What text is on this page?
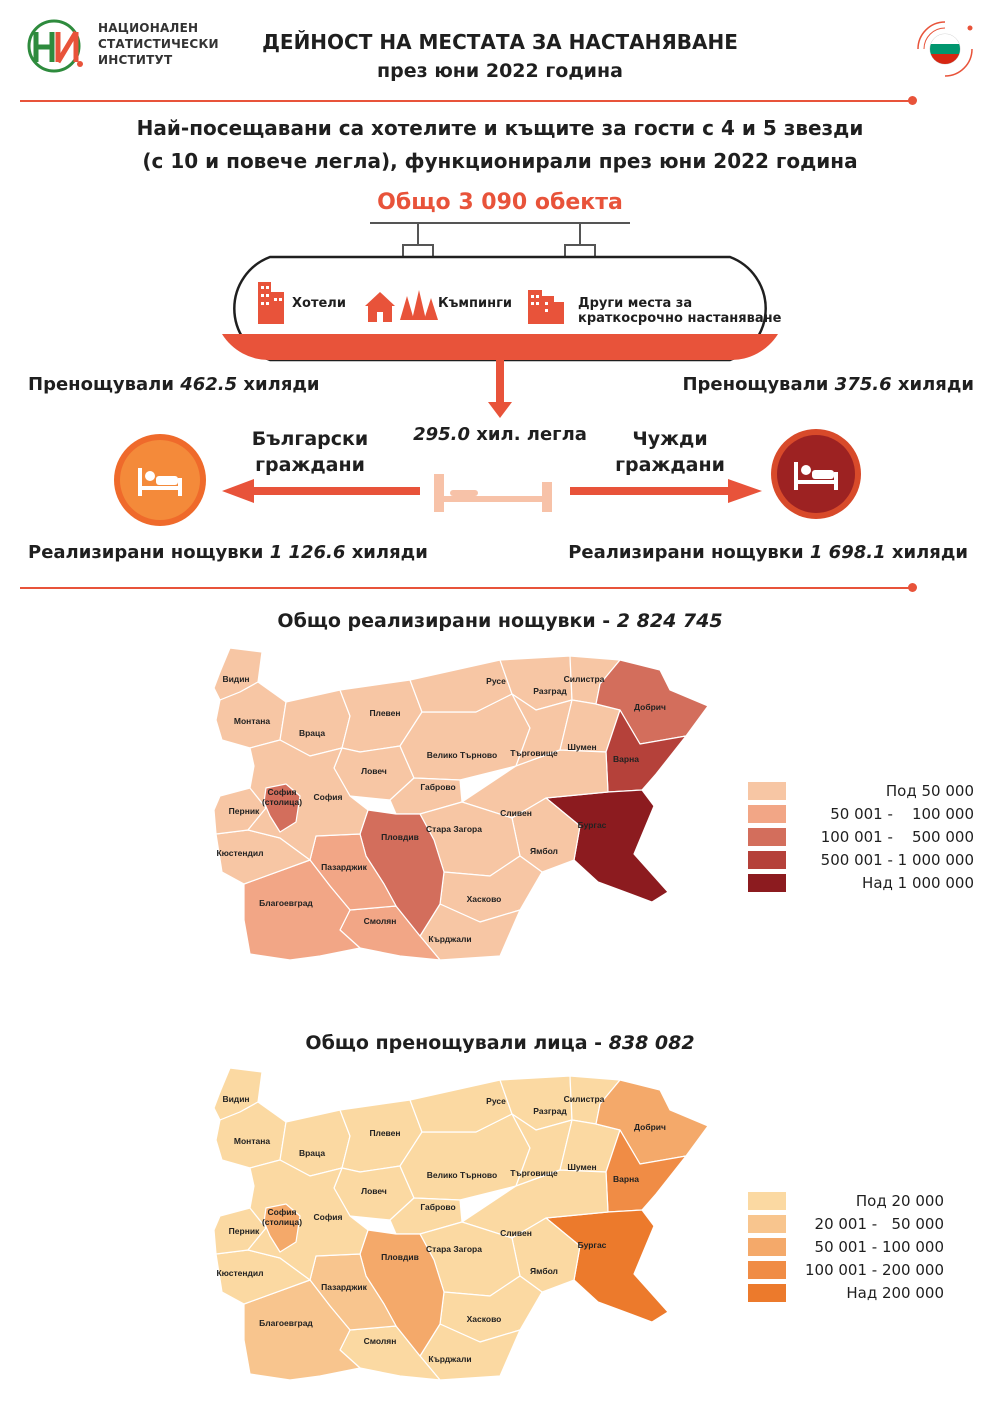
НАЦИОНАЛЕН
СТАТИСТИЧЕСКИ
ИНСТИТУТ
ДЕЙНОСТ НА МЕСТАТА ЗА НАСТАНЯВАНЕ
през юни 2022 година
Най-посещавани са хотелите и къщите за гости с 4 и 5 звезди
(с 10 и повече легла), функционирали през юни 2022 година
Общо 3 090 обекта
Хотели	Къмпинги	Други места за
краткосрочно настаняване
Пренощували 462.5 хиляди	Пренощували 375.6 хиляди
Български
граждани
Чужди
граждани
295.0 хил. легла
Реализирани нощувки 1 126.6 хиляди	Реализирани нощувки 1 698.1 хиляди
Общо реализирани нощувки - 2 824 745
Видин
Монтана
Враца
Плевен
Ловеч
Велико Търново
Габрово
Русе
Разград
Силистра
Търговище
Шумен
Добрич
Варна
Бургас
Сливен
Ямбол
Стара Загора
Хасково
Кърджали
Смолян
Пловдив
Пазарджик
Благоевград
Кюстендил
Перник
София
София (столица)
Под 50 000
50 001 -    100 000
100 001 -    500 000
500 001 - 1 000 000
Над 1 000 000
Общо пренощували лица - 838 082
Видин
Монтана
Враца
Плевен
Ловеч
Велико Търново
Габрово
Русе
Разград
Силистра
Търговище
Шумен
Добрич
Варна
Бургас
Сливен
Ямбол
Стара Загора
Хасково
Кърджали
Смолян
Пловдив
Пазарджик
Благоевград
Кюстендил
Перник
София
София (столица)
Под 20 000
20 001 -   50 000
50 001 - 100 000
100 001 - 200 000
Над 200 000
